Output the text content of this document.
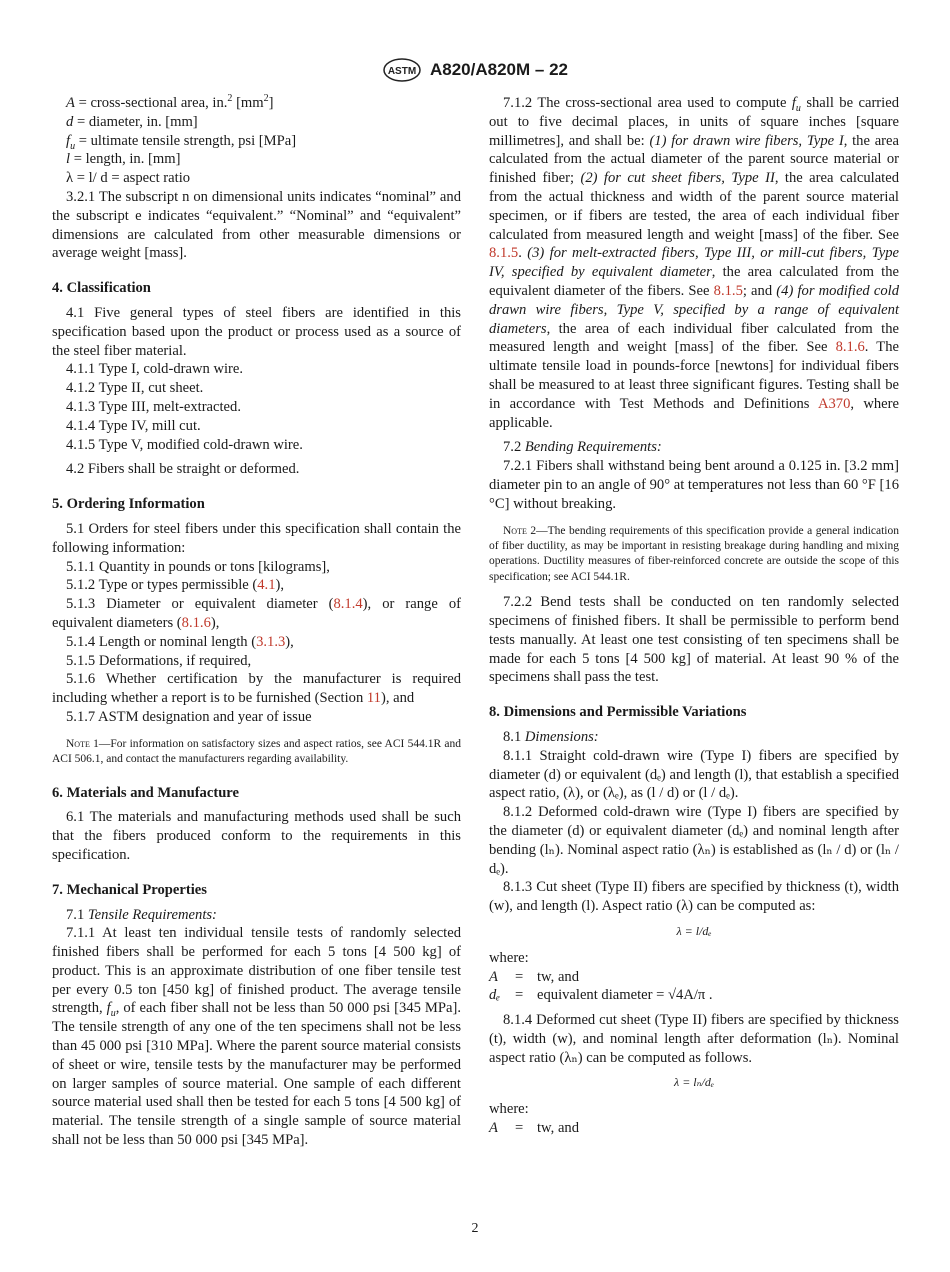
ASTM A820/A820M – 22
A = cross-sectional area, in.$^2$ $[mm^2]$
d = diameter, in. [mm]
$f_u$ = ultimate tensile strength, psi [MPa]
l = length, in. [mm]
λ = l/ d = aspect ratio

3.2.1 The subscript n on dimensional units indicates “nominal” and the subscript e indicates “equivalent.” “Nominal” and “equivalent” dimensions are calculated from other measurable dimensions or average weight [mass].

4. Classification

4.1 Five general types of steel fibers are identified in this specification based upon the product or process used as a source of the steel fiber material.

4.1.1 Type I, cold-drawn wire.

4.1.2 Type II, cut sheet.

4.1.3 Type III, melt-extracted.

4.1.4 Type IV, mill cut.

4.1.5 Type V, modified cold-drawn wire.

4.2 Fibers shall be straight or deformed.

5. Ordering Information

5.1 Orders for steel fibers under this specification shall contain the following information:

5.1.1 Quantity in pounds or tons [kilograms],

5.1.2 Type or types permissible (4.1),

5.1.3 Diameter or equivalent diameter (8.1.4), or range of equivalent diameters (8.1.6),

5.1.4 Length or nominal length (3.1.3),

5.1.5 Deformations, if required,

5.1.6 Whether certification by the manufacturer is required including whether a report is to be furnished (Section 11), and

5.1.7 ASTM designation and year of issue

Note 1—For information on satisfactory sizes and aspect ratios, see ACI 544.1R and ACI 506.1, and contact the manufacturers regarding availability.
6. Materials and Manufacture

6.1 The materials and manufacturing methods used shall be such that the fibers produced conform to the requirements in this specification.

7. Mechanical Properties

7.1 Tensile Requirements:

7.1.1 At least ten individual tensile tests of randomly selected finished fibers shall be performed for each 5 tons [4 500 kg] of product. This is an approximate distribution of one fiber tensile test per every 0.5 ton [450 kg] of finished product. The average tensile strength, $f_u$, of each fiber shall not be less than 50 000 psi [345 MPa]. The tensile strength of any one of the ten specimens shall not be less than 45 000 psi [310 MPa]. Where the parent source material consists of sheet or wire, tensile tests by the manufacturer may be performed on larger samples of source material. One sample of each different source material used shall then be tested for each 5 tons [4 500 kg] of material. The tensile strength of a single sample of source material shall not be less than 50 000 psi [345 MPa].

7.1.2 The cross-sectional area used to compute $f_u$ shall be carried out to five decimal places, in units of square inches [square millimetres], and shall be: (1) for drawn wire fibers, Type I, the area calculated from the actual diameter of the parent source material or finished fiber; (2) for cut sheet fibers, Type II, the area calculated from the actual thickness and width of the parent source material specimen, or if fibers are tested, the area of each individual fiber calculated from measured length and weight [mass] of the fiber. See 8.1.5. (3) for melt-extracted fibers, Type III, or mill-cut fibers, Type IV, specified by equivalent diameter, the area calculated from the equivalent diameter of the fibers. See 8.1.5; and (4) for modified cold drawn wire fibers, Type V, specified by a range of equivalent diameters, the area of each individual fiber calculated from the measured length and weight [mass] of the fiber. See 8.1.6. The ultimate tensile load in pounds-force [newtons] for individual fibers shall be measured to at least three significant figures. Testing shall be in accordance with Test Methods and Definitions A370, where applicable.

7.2 Bending Requirements:

7.2.1 Fibers shall withstand being bent around a 0.125 in. [3.2 mm] diameter pin to an angle of 90° at temperatures not less than 60 °F [16 °C] without breaking.

Note 2—The bending requirements of this specification provide a general indication of fiber ductility, as may be important in resisting breakage during handling and mixing operations. Ductility measures of fiber-reinforced concrete are outside the scope of this specification; see ACI 544.1R.

7.2.2 Bend tests shall be conducted on ten randomly selected specimens of finished fibers. It shall be permissible to perform bend tests manually. At least one test consisting of ten specimens shall be made for each 5 tons [4 500 kg] of material. At least 90 % of the specimens shall pass the test.

8. Dimensions and Permissible Variations

8.1 Dimensions:

8.1.1 Straight cold-drawn wire (Type I) fibers are specified by diameter (d) or equivalent (dₑ) and length (l), that establish a specified aspect ratio, (λ), or (λₑ), as (l / d) or (l / dₑ).

8.1.2 Deformed cold-drawn wire (Type I) fibers are specified by the diameter (d) or equivalent diameter (dₑ) and nominal length after bending (lₙ). Nominal aspect ratio (λₙ) is established as (lₙ / d) or (lₙ / dₑ).

8.1.3 Cut sheet (Type II) fibers are specified by thickness (t), width (w), and length (l). Aspect ratio (λ) can be computed as:

λ = l/dₑ

where:

A	= tw, and
dₑ	= equivalent diameter = √4A/π .

8.1.4 Deformed cut sheet (Type II) fibers are specified by thickness (t), width (w), and nominal length after deformation (lₙ). Nominal aspect ratio (λₙ) can be computed as follows.

λ = lₙ/dₑ

where:

A	= tw, and
2
